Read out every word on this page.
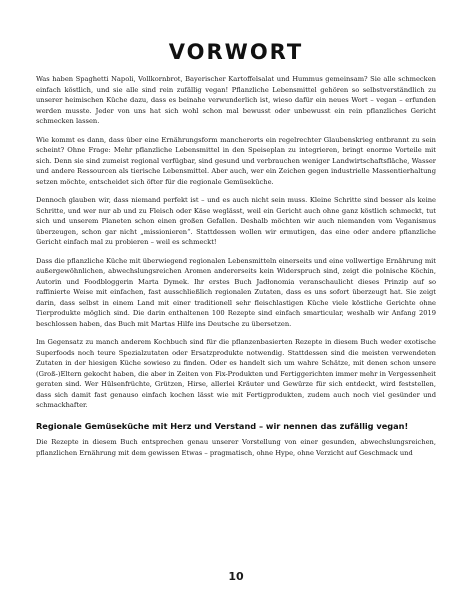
VORWORT

Was haben Spaghetti Napoli, Vollkornbrot, Bayerischer Kartoffelsalat und Hummus gemeinsam? Sie alle schmecken einfach köstlich, und sie alle sind rein zufällig vegan! Pflanzliche Lebensmittel gehören so selbstverständlich zu unserer heimischen Küche dazu, dass es beinahe verwunderlich ist, wieso dafür ein neues Wort – vegan – erfunden werden musste. Jeder von uns hat sich wohl schon mal bewusst oder unbewusst ein rein pflanzliches Gericht schmecken lassen.

Wie kommt es dann, dass über eine Ernährungsform mancherorts ein regelrechter Glaubenskrieg entbrannt zu sein scheint? Ohne Frage: Mehr pflanzliche Lebensmittel in den Speiseplan zu integrieren, bringt enorme Vorteile mit sich. Denn sie sind zumeist regional verfügbar, sind gesund und verbrauchen weniger Landwirtschaftsfläche, Wasser und andere Ressourcen als tierische Lebensmittel. Aber auch, wer ein Zeichen gegen industrielle Massentierhaltung setzen möchte, entscheidet sich öfter für die regionale Gemüseküche.

Dennoch glauben wir, dass niemand perfekt ist – und es auch nicht sein muss. Kleine Schritte sind besser als keine Schritte, und wer nur ab und zu Fleisch oder Käse weglässt, weil ein Gericht auch ohne ganz köstlich schmeckt, tut sich und unserem Planeten schon einen großen Gefallen. Deshalb möchten wir auch niemanden vom Veganismus überzeugen, schon gar nicht „missionieren“. Stattdessen wollen wir ermutigen, das eine oder andere pflanzliche Gericht einfach mal zu probieren – weil es schmeckt!

Dass die pflanzliche Küche mit überwiegend regionalen Lebensmitteln einerseits und eine vollwertige Ernährung mit außergewöhnlichen, abwechslungsreichen Aromen andererseits kein Widerspruch sind, zeigt die polnische Köchin, Autorin und Foodbloggerin Marta Dymek. Ihr erstes Buch Jadłonomia veranschaulicht dieses Prinzip auf so raffinierte Weise mit einfachen, fast ausschließlich regionalen Zutaten, dass es uns sofort überzeugt hat. Sie zeigt darin, dass selbst in einem Land mit einer traditionell sehr fleischlastigen Küche viele köstliche Gerichte ohne Tierprodukte möglich sind. Die darin enthaltenen 100 Rezepte sind einfach smarticular, weshalb wir Anfang 2019 beschlossen haben, das Buch mit Martas Hilfe ins Deutsche zu übersetzen.

Im Gegensatz zu manch anderem Kochbuch sind für die pflanzenbasierten Rezepte in diesem Buch weder exotische Superfoods noch teure Spezialzutaten oder Ersatzprodukte notwendig. Stattdessen sind die meisten verwendeten Zutaten in der hiesigen Küche sowieso zu finden. Oder es handelt sich um wahre Schätze, mit denen schon unsere (Groß-)Eltern gekocht haben, die aber in Zeiten von Fix-Produkten und Fertiggerichten immer mehr in Vergessenheit geraten sind. Wer Hülsenfrüchte, Grützen, Hirse, allerlei Kräuter und Gewürze für sich entdeckt, wird feststellen, dass sich damit fast genauso einfach kochen lässt wie mit Fertigprodukten, zudem auch noch viel gesünder und schmackhafter.

Regionale Gemüseküche mit Herz und Verstand – wir nennen das zufällig vegan!

Die Rezepte in diesem Buch entsprechen genau unserer Vorstellung von einer gesunden, abwechslungsreichen, pflanzlichen Ernährung mit dem gewissen Etwas – pragmatisch, ohne Hype, ohne Verzicht auf Geschmack und

10
